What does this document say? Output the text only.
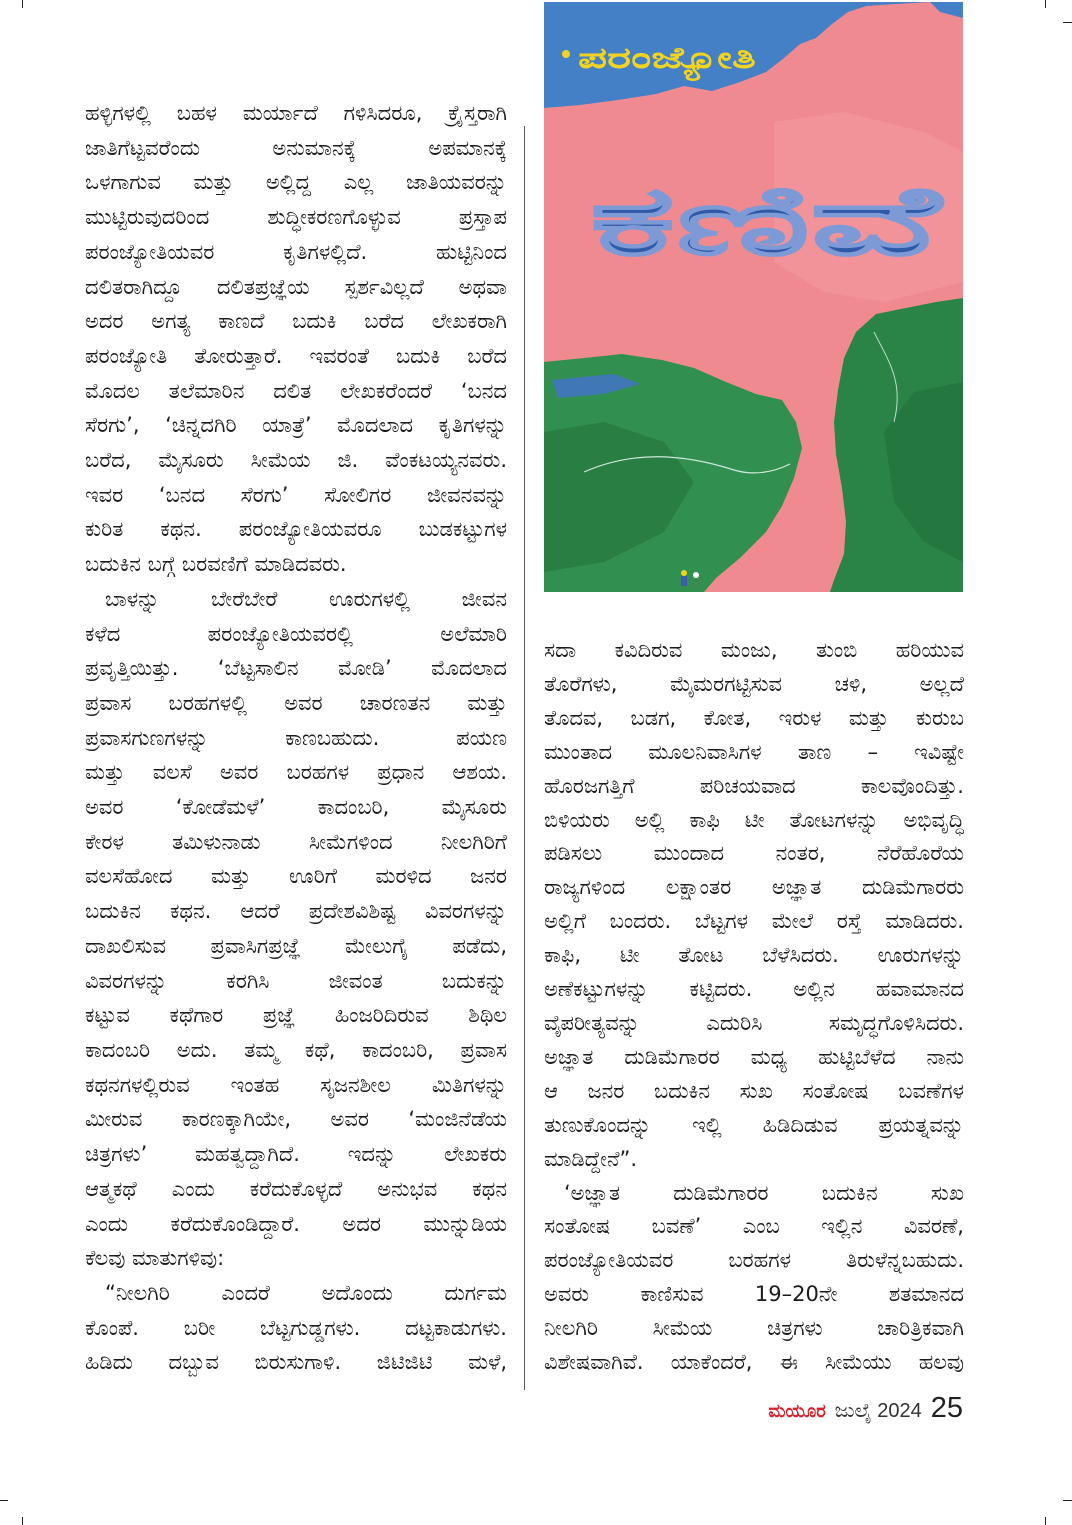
ಹಳ್ಳಿಗಳಲ್ಲಿ ಬಹಳ ಮರ್ಯಾದೆ ಗಳಿಸಿದರೂ, ಕ್ರೈಸ್ತರಾಗಿ
ಜಾತಿಗೆಟ್ಟವರೆಂದು ಅನುಮಾನಕ್ಕೆ ಅಪಮಾನಕ್ಕೆ
ಒಳಗಾಗುವ ಮತ್ತು ಅಲ್ಲಿದ್ದ ಎಲ್ಲ ಜಾತಿಯವರನ್ನು
ಮುಟ್ಟಿರುವುದರಿಂದ ಶುದ್ಧೀಕರಣಗೊಳ್ಳುವ ಪ್ರಸ್ತಾಪ
ಪರಂಜ್ಯೋತಿಯವರ ಕೃತಿಗಳಲ್ಲಿದೆ. ಹುಟ್ಟಿನಿಂದ
ದಲಿತರಾಗಿದ್ದೂ ದಲಿತಪ್ರಜ್ಞೆಯ ಸ್ಪರ್ಶವಿಲ್ಲದೆ ಅಥವಾ
ಅದರ ಅಗತ್ಯ ಕಾಣದೆ ಬದುಕಿ ಬರೆದ ಲೇಖಕರಾಗಿ
ಪರಂಜ್ಯೋತಿ ತೋರುತ್ತಾರೆ. ಇವರಂತೆ ಬದುಕಿ ಬರೆದ
ಮೊದಲ ತಲೆಮಾರಿನ ದಲಿತ ಲೇಖಕರೆಂದರೆ ‘ಬನದ
ಸೆರಗು’, ‘ಚಿನ್ನದಗಿರಿ ಯಾತ್ರೆ’ ಮೊದಲಾದ ಕೃತಿಗಳನ್ನು
ಬರೆದ, ಮೈಸೂರು ಸೀಮೆಯ ಜಿ. ವೆಂಕಟಯ್ಯನವರು.
ಇವರ ‘ಬನದ ಸೆರಗು’ ಸೋಲಿಗರ ಜೀವನವನ್ನು
ಕುರಿತ ಕಥನ. ಪರಂಜ್ಯೋತಿಯವರೂ ಬುಡಕಟ್ಟುಗಳ
ಬದುಕಿನ ಬಗ್ಗೆ ಬರವಣಿಗೆ ಮಾಡಿದವರು.
ಬಾಳನ್ನು ಬೇರೆಬೇರೆ ಊರುಗಳಲ್ಲಿ ಜೀವನ
ಕಳೆದ ಪರಂಜ್ಯೋತಿಯವರಲ್ಲಿ ಅಲೆಮಾರಿ
ಪ್ರವೃತ್ತಿಯಿತ್ತು. ‘ಬೆಟ್ಟಸಾಲಿನ ಮೋಡಿ’ ಮೊದಲಾದ
ಪ್ರವಾಸ ಬರಹಗಳಲ್ಲಿ ಅವರ ಚಾರಣತನ ಮತ್ತು
ಪ್ರವಾಸಗುಣಗಳನ್ನು ಕಾಣಬಹುದು. ಪಯಣ
ಮತ್ತು ವಲಸೆ ಅವರ ಬರಹಗಳ ಪ್ರಧಾನ ಆಶಯ.
ಅವರ ‘ಕೋಡೆಮಳೆ’ ಕಾದಂಬರಿ, ಮೈಸೂರು
ಕೇರಳ ತಮಿಳುನಾಡು ಸೀಮೆಗಳಿಂದ ನೀಲಗಿರಿಗೆ
ವಲಸೆಹೋದ ಮತ್ತು ಊರಿಗೆ ಮರಳಿದ ಜನರ
ಬದುಕಿನ ಕಥನ. ಆದರೆ ಪ್ರದೇಶವಿಶಿಷ್ಟ ವಿವರಗಳನ್ನು
ದಾಖಲಿಸುವ ಪ್ರವಾಸಿಗಪ್ರಜ್ಞೆ ಮೇಲುಗೈ ಪಡೆದು,
ವಿವರಗಳನ್ನು ಕರಗಿಸಿ ಜೀವಂತ ಬದುಕನ್ನು
ಕಟ್ಟುವ ಕಥೆಗಾರ ಪ್ರಜ್ಞೆ ಹಿಂಜರಿದಿರುವ ಶಿಥಿಲ
ಕಾದಂಬರಿ ಅದು. ತಮ್ಮ ಕಥೆ, ಕಾದಂಬರಿ, ಪ್ರವಾಸ
ಕಥನಗಳಲ್ಲಿರುವ ಇಂತಹ ಸೃಜನಶೀಲ ಮಿತಿಗಳನ್ನು
ಮೀರುವ ಕಾರಣಕ್ಕಾಗಿಯೇ, ಅವರ ‘ಮಂಜಿನೆಡೆಯ
ಚಿತ್ರಗಳು’ ಮಹತ್ವದ್ದಾಗಿದೆ. ಇದನ್ನು ಲೇಖಕರು
ಆತ್ಮಕಥೆ ಎಂದು ಕರೆದುಕೊಳ್ಳದೆ ಅನುಭವ ಕಥನ
ಎಂದು ಕರೆದುಕೊಂಡಿದ್ದಾರೆ. ಅದರ ಮುನ್ನುಡಿಯ
ಕೆಲವು ಮಾತುಗಳಿವು:
“ನೀಲಗಿರಿ ಎಂದರೆ ಅದೊಂದು ದುರ್ಗಮ
ಕೊಂಪೆ. ಬರೀ ಬೆಟ್ಟಗುಡ್ಡಗಳು. ದಟ್ಟಕಾಡುಗಳು.
ಹಿಡಿದು ದಬ್ಬುವ ಬಿರುಸುಗಾಳಿ. ಜಿಟಿಜಿಟಿ ಮಳೆ,
ಪರಂಜ್ಯೋತಿ
ಕಣಿವೆ
ಸದಾ ಕವಿದಿರುವ ಮಂಜು, ತುಂಬಿ ಹರಿಯುವ
ತೊರೆಗಳು, ಮೈಮರಗಟ್ಟಿಸುವ ಚಳಿ, ಅಲ್ಲದೆ
ತೊದವ, ಬಡಗ, ಕೋತ, ಇರುಳ ಮತ್ತು ಕುರುಬ
ಮುಂತಾದ ಮೂಲನಿವಾಸಿಗಳ ತಾಣ – ಇವಿಷ್ಟೇ
ಹೊರಜಗತ್ತಿಗೆ ಪರಿಚಯವಾದ ಕಾಲವೊಂದಿತ್ತು.
ಬಿಳಿಯರು ಅಲ್ಲಿ ಕಾಫಿ ಟೀ ತೋಟಗಳನ್ನು ಅಭಿವೃದ್ಧಿ
ಪಡಿಸಲು ಮುಂದಾದ ನಂತರ, ನೆರೆಹೊರೆಯ
ರಾಜ್ಯಗಳಿಂದ ಲಕ್ಷಾಂತರ ಅಜ್ಞಾತ ದುಡಿಮೆಗಾರರು
ಅಲ್ಲಿಗೆ ಬಂದರು. ಬೆಟ್ಟಗಳ ಮೇಲೆ ರಸ್ತೆ ಮಾಡಿದರು.
ಕಾಫಿ, ಟೀ ತೋಟ ಬೆಳೆಸಿದರು. ಊರುಗಳನ್ನು
ಅಣೆಕಟ್ಟುಗಳನ್ನು ಕಟ್ಟಿದರು. ಅಲ್ಲಿನ ಹವಾಮಾನದ
ವೈಪರೀತ್ಯವನ್ನು ಎದುರಿಸಿ ಸಮೃದ್ಧಗೊಳಿಸಿದರು.
ಅಜ್ಞಾತ ದುಡಿಮೆಗಾರರ ಮಧ್ಯ ಹುಟ್ಟಿಬೆಳೆದ ನಾನು
ಆ ಜನರ ಬದುಕಿನ ಸುಖ ಸಂತೋಷ ಬವಣೆಗಳ
ತುಣುಕೊಂದನ್ನು ಇಲ್ಲಿ ಹಿಡಿದಿಡುವ ಪ್ರಯತ್ನವನ್ನು
ಮಾಡಿದ್ದೇನೆ”.
‘ಅಜ್ಞಾತ ದುಡಿಮೆಗಾರರ ಬದುಕಿನ ಸುಖ
ಸಂತೋಷ ಬವಣೆ’ ಎಂಬ ಇಲ್ಲಿನ ವಿವರಣೆ,
ಪರಂಜ್ಯೋತಿಯವರ ಬರಹಗಳ ತಿರುಳೆನ್ನಬಹುದು.
ಅವರು ಕಾಣಿಸುವ 19–20ನೇ ಶತಮಾನದ
ನೀಲಗಿರಿ ಸೀಮೆಯ ಚಿತ್ರಗಳು ಚಾರಿತ್ರಿಕವಾಗಿ
ವಿಶೇಷವಾಗಿವೆ. ಯಾಕೆಂದರೆ, ಈ ಸೀಮೆಯು ಹಲವು
ಮಯೂರ ಜುಲೈ 2024 25
